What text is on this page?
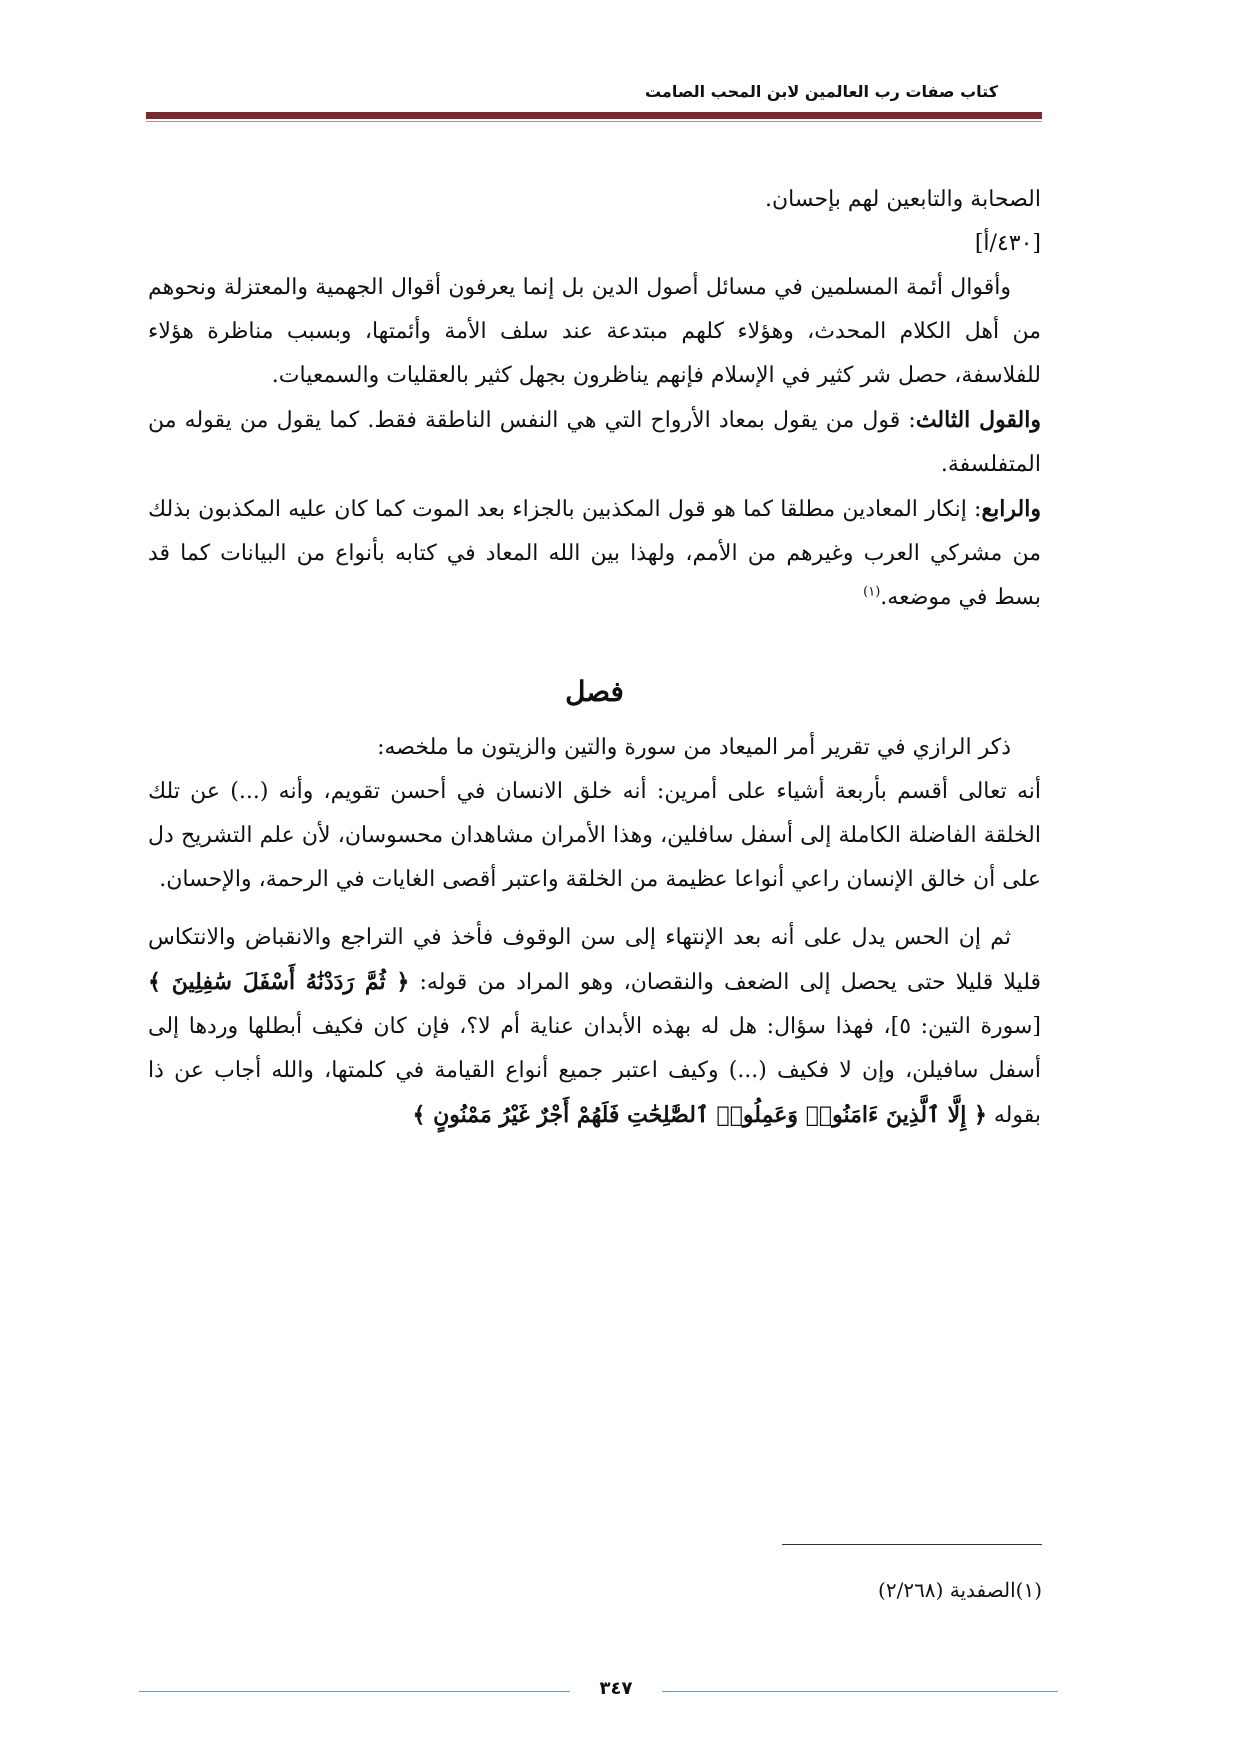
كتاب صفات رب العالمين لابن المحب الصامت

الصحابة والتابعين لهم بإحسان.

[٤٣٠/أ]

وأقوال أئمة المسلمين في مسائل أصول الدين بل إنما يعرفون أقوال الجهمية والمعتزلة ونحوهم من أهل الكلام المحدث، وهؤلاء كلهم مبتدعة عند سلف الأمة وأئمتها، وبسبب مناظرة هؤلاء للفلاسفة، حصل شر كثير في الإسلام فإنهم يناظرون بجهل كثير بالعقليات والسمعيات.

والقول الثالث: قول من يقول بمعاد الأرواح التي هي النفس الناطقة فقط. كما يقول من يقوله من المتفلسفة.

والرابع: إنكار المعادين مطلقا كما هو قول المكذبين بالجزاء بعد الموت كما كان عليه المكذبون بذلك من مشركي العرب وغيرهم من الأمم، ولهذا بين الله المعاد في كتابه بأنواع من البيانات كما قد بسط في موضعه.$^{(١)}$

فصل

ذكر الرازي في تقرير أمر الميعاد من سورة والتين والزيتون ما ملخصه:

أنه تعالى أقسم بأربعة أشياء على أمرين: أنه خلق الانسان في أحسن تقويم، وأنه (...) عن تلك الخلقة الفاضلة الكاملة إلى أسفل سافلين، وهذا الأمران مشاهدان محسوسان، لأن علم التشريح دل على أن خالق الإنسان راعي أنواعا عظيمة من الخلقة واعتبر أقصى الغايات في الرحمة، والإحسان.

ثم إن الحس يدل على أنه بعد الإنتهاء إلى سن الوقوف فأخذ في التراجع والانقباض والانتكاس قليلا قليلا حتى يحصل إلى الضعف والنقصان، وهو المراد من قوله: ﴿ ثُمَّ رَدَدْنَٰهُ أَسْفَلَ سَٰفِلِينَ ﴾ [سورة التين: ٥]، فهذا سؤال: هل له بهذه الأبدان عناية أم لا؟، فإن كان فكيف أبطلها وردها إلى أسفل سافيلن، وإن لا فكيف (...) وكيف اعتبر جميع أنواع القيامة في كلمتها، والله أجاب عن ذا بقوله ﴿ إِلَّا ٱلَّذِينَ ءَامَنُوا۟ وَعَمِلُوا۟ ٱلصَّٰلِحَٰتِ فَلَهُمْ أَجْرٌ غَيْرُ مَمْنُونٍ ﴾

(١)الصفدية (٢/٢٦٨)
٣٤٧
